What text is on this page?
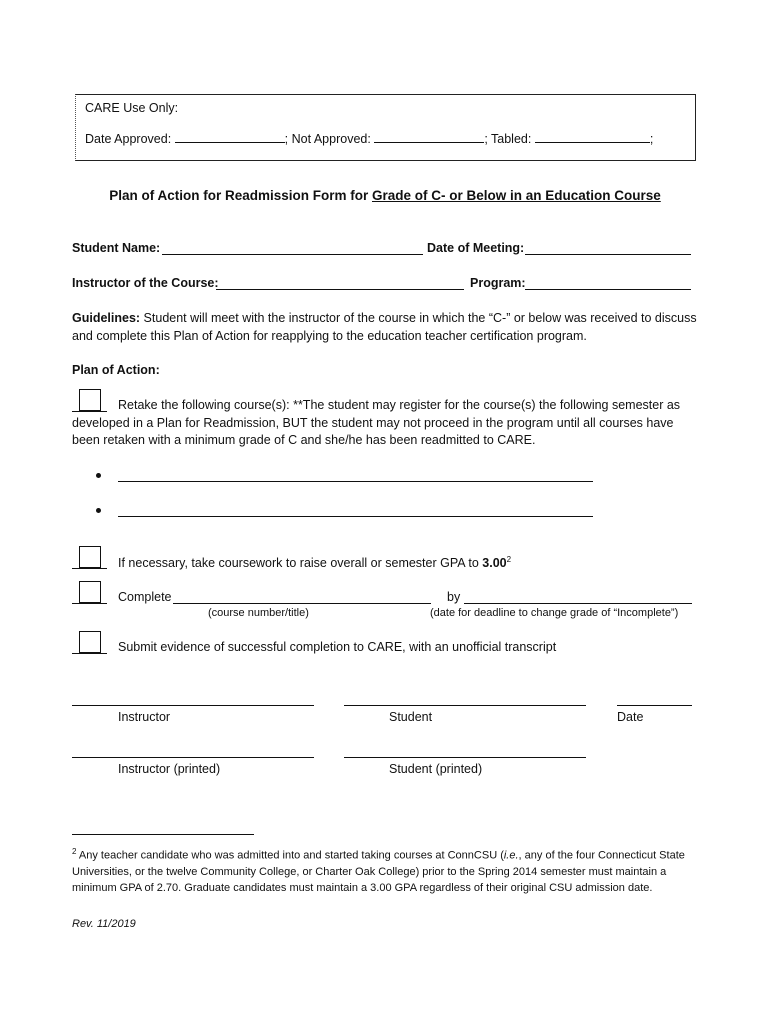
CARE Use Only:
Date Approved:	; Not Approved:	; Tabled:	;
Plan of Action for Readmission Form for Grade of C- or Below in an Education Course
Student Name:	Date of Meeting:
Instructor of the Course:	Program:
Guidelines: Student will meet with the instructor of the course in which the “C-” or below was received to discuss and complete this Plan of Action for reapplying to the education teacher certification program.
Plan of Action:
Retake the following course(s): **The student may register for the course(s) the following semester as developed in a Plan for Readmission, BUT the student may not proceed in the program until all courses have been retaken with a minimum grade of C and she/he has been readmitted to CARE.
If necessary, take coursework to raise overall or semester GPA to 3.00$^2$
Complete	by
(course number/title)	(date for deadline to change grade of “Incomplete”)
Submit evidence of successful completion to CARE, with an unofficial transcript
Instructor	Student	Date
Instructor (printed)	Student (printed)
$^2$ Any teacher candidate who was admitted into and started taking courses at ConnCSU (i.e., any of the four Connecticut State Universities, or the twelve Community College, or Charter Oak College) prior to the Spring 2014 semester must maintain a minimum GPA of 2.70. Graduate candidates must maintain a 3.00 GPA regardless of their original CSU admission date.
Rev. 11/2019
